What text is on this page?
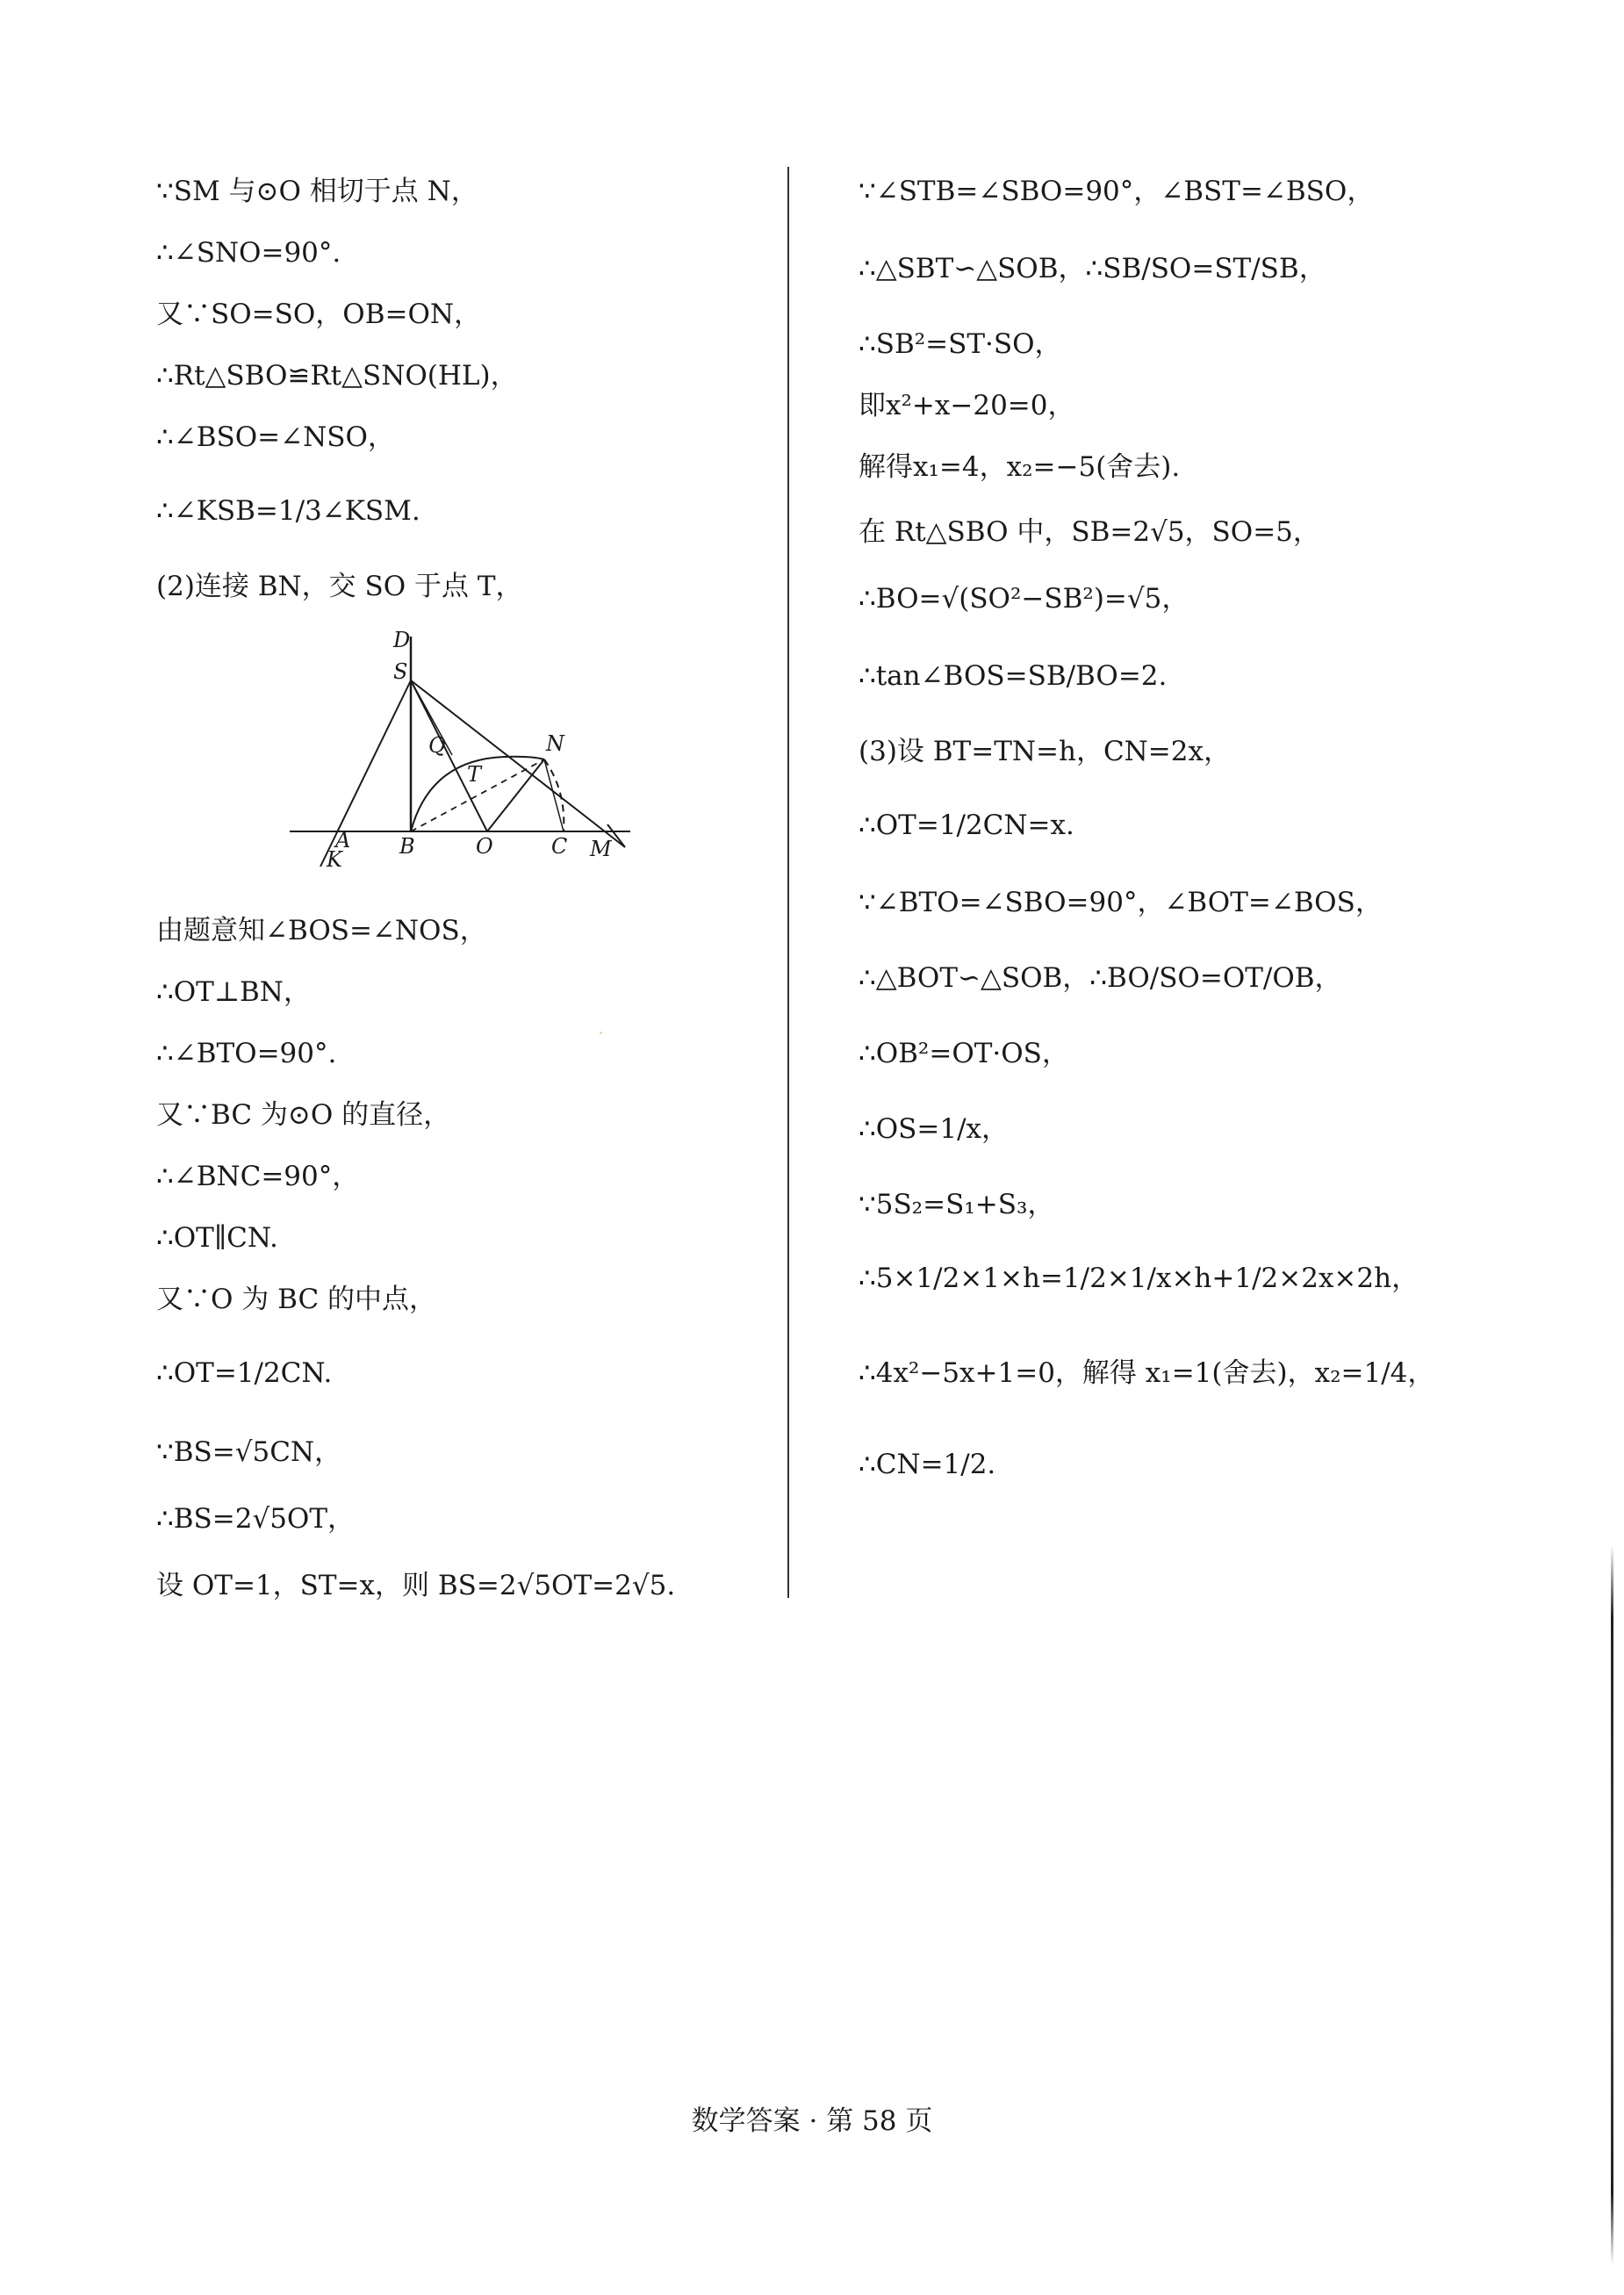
∵SM 与⊙O 相切于点 N，
∴∠SNO=90°.
又∵SO=SO，OB=ON，
∴Rt△SBO≌Rt△SNO(HL)，
∴∠BSO=∠NSO，
∴∠KSB=1/3∠KSM.
(2)连接 BN，交 SO 于点 T，
D
S
Q
T
N
A
K
B	O	C M
由题意知∠BOS=∠NOS，
∴OT⊥BN，
∴∠BTO=90°.
又∵BC 为⊙O 的直径，
∴∠BNC=90°，
∴OT∥CN.
又∵O 为 BC 的中点，
∴OT=1/2CN.
∵BS=√5CN，
∴BS=2√5OT，
设 OT=1，ST=x，则 BS=2√5OT=2√5.
∵∠STB=∠SBO=90°，∠BST=∠BSO，
∴△SBT∽△SOB，∴SB/SO=ST/SB，
∴SB²=ST·SO，
即x²+x−20=0，
解得x₁=4，x₂=−5(舍去).
在 Rt△SBO 中，SB=2√5，SO=5，
∴BO=√(SO²−SB²)=√5，
∴tan∠BOS=SB/BO=2.
(3)设 BT=TN=h，CN=2x，
∴OT=1/2CN=x.
∵∠BTO=∠SBO=90°，∠BOT=∠BOS，
∴△BOT∽△SOB，∴BO/SO=OT/OB，
∴OB²=OT·OS，
∴OS=1/x，
∵5S₂=S₁+S₃，
∴5×1/2×1×h=1/2×1/x×h+1/2×2x×2h，
∴4x²−5x+1=0，解得 x₁=1(舍去)，x₂=1/4，
∴CN=1/2.
数学答案 · 第 58 页
